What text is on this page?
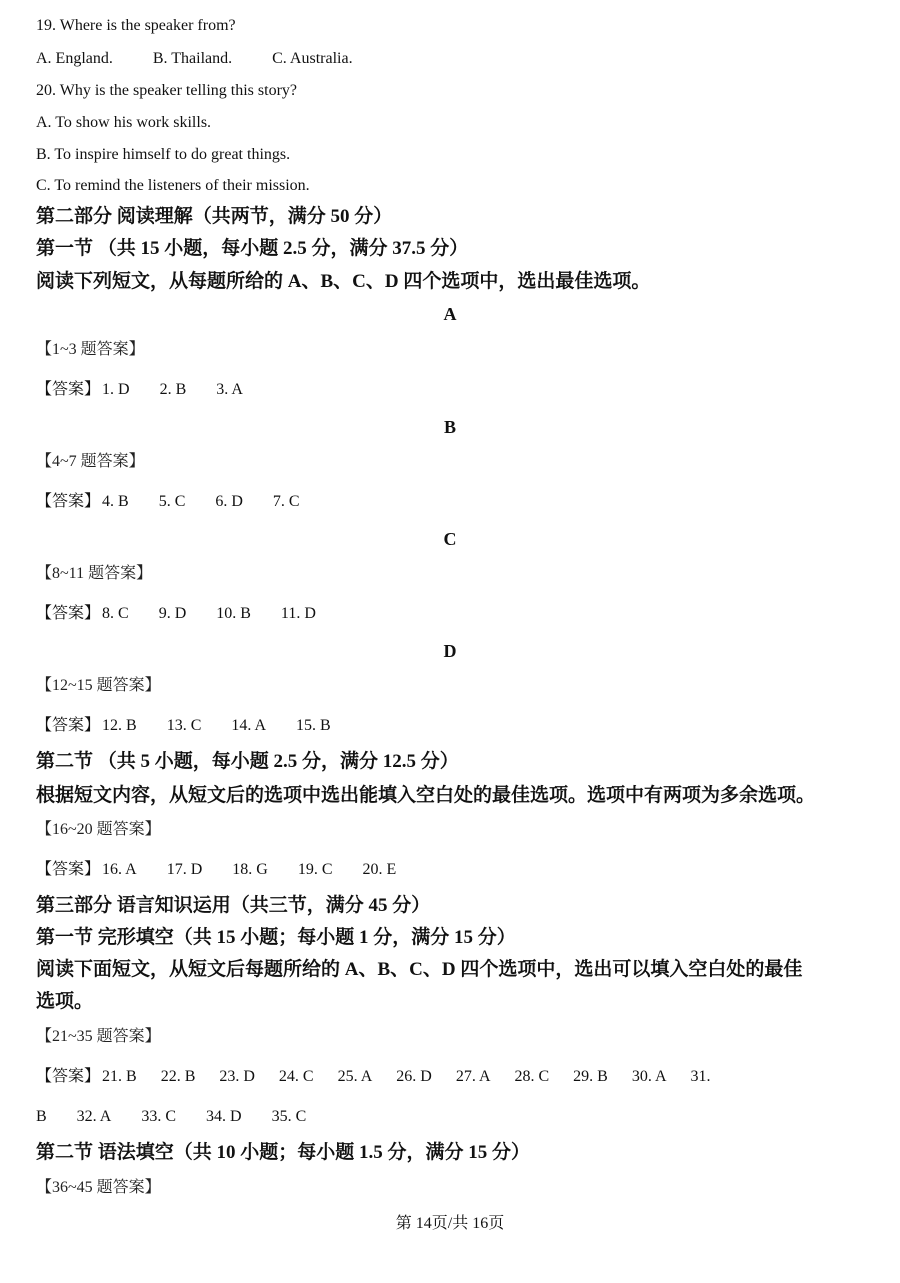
19. Where is the speaker from?
A. England.	B. Thailand.	C. Australia.
20. Why is the speaker telling this story?
A. To show his work skills.
B. To inspire himself to do great things.
C. To remind the listeners of their mission.
第二部分 阅读理解（共两节，满分 50 分）
第一节 （共 15 小题，每小题 2.5 分，满分 37.5 分）
阅读下列短文，从每题所给的 A、B、C、D 四个选项中，选出最佳选项。
A
【1~3 题答案】
【答案】 1. D 2. B 3. A
B
【4~7 题答案】
【答案】 4. B 5. C 6. D 7. C
C
【8~11 题答案】
【答案】 8. C 9. D 10. B 11. D
D
【12~15 题答案】
【答案】 12. B 13. C 14. A 15. B
第二节 （共 5 小题，每小题 2.5 分，满分 12.5 分）
根据短文内容，从短文后的选项中选出能填入空白处的最佳选项。选项中有两项为多余选项。
【16~20 题答案】
【答案】 16. A 17. D 18. G 19. C 20. E
第三部分 语言知识运用（共三节，满分 45 分）
第一节 完形填空（共 15 小题；每小题 1 分，满分 15 分）
阅读下面短文，从短文后每题所给的 A、B、C、D 四个选项中，选出可以填入空白处的最佳
选项。
【21~35 题答案】
【答案】 21. B 22. B 23. D 24. C 25. A 26. D 27. A 28. C 29. B 30. A 31.
B 32. A 33. C 34. D 35. C
第二节 语法填空（共 10 小题；每小题 1.5 分，满分 15 分）
【36~45 题答案】
第 14页/共 16页
